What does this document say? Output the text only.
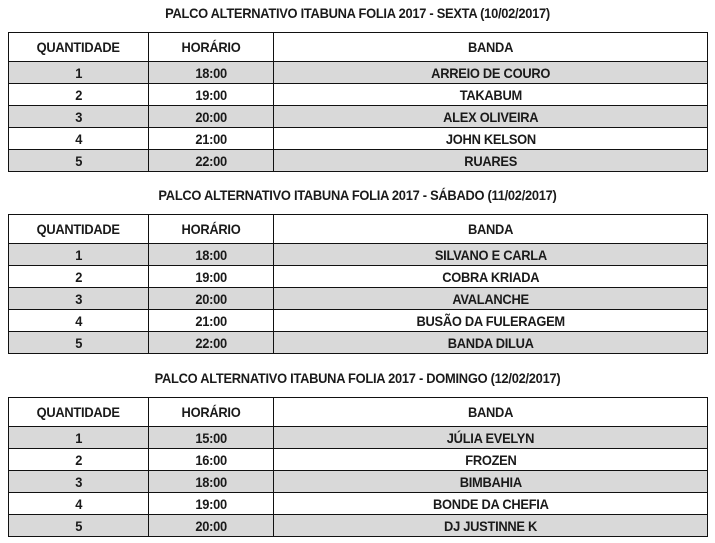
PALCO ALTERNATIVO ITABUNA FOLIA 2017 - SEXTA (10/02/2017)
QUANTIDADE	HORÁRIO	BANDA
1	18:00	ARREIO DE COURO
2	19:00	TAKABUM
3	20:00	ALEX OLIVEIRA
4	21:00	JOHN KELSON
5	22:00	RUARES
PALCO ALTERNATIVO ITABUNA FOLIA 2017 - SÁBADO (11/02/2017)
QUANTIDADE	HORÁRIO	BANDA
1	18:00	SILVANO E CARLA
2	19:00	COBRA KRIADA
3	20:00	AVALANCHE
4	21:00	BUSÃO DA FULERAGEM
5	22:00	BANDA DILUA
PALCO ALTERNATIVO ITABUNA FOLIA 2017 - DOMINGO (12/02/2017)
QUANTIDADE	HORÁRIO	BANDA
1	15:00	JÚLIA EVELYN
2	16:00	FROZEN
3	18:00	BIMBAHIA
4	19:00	BONDE DA CHEFIA
5	20:00	DJ JUSTINNE K
